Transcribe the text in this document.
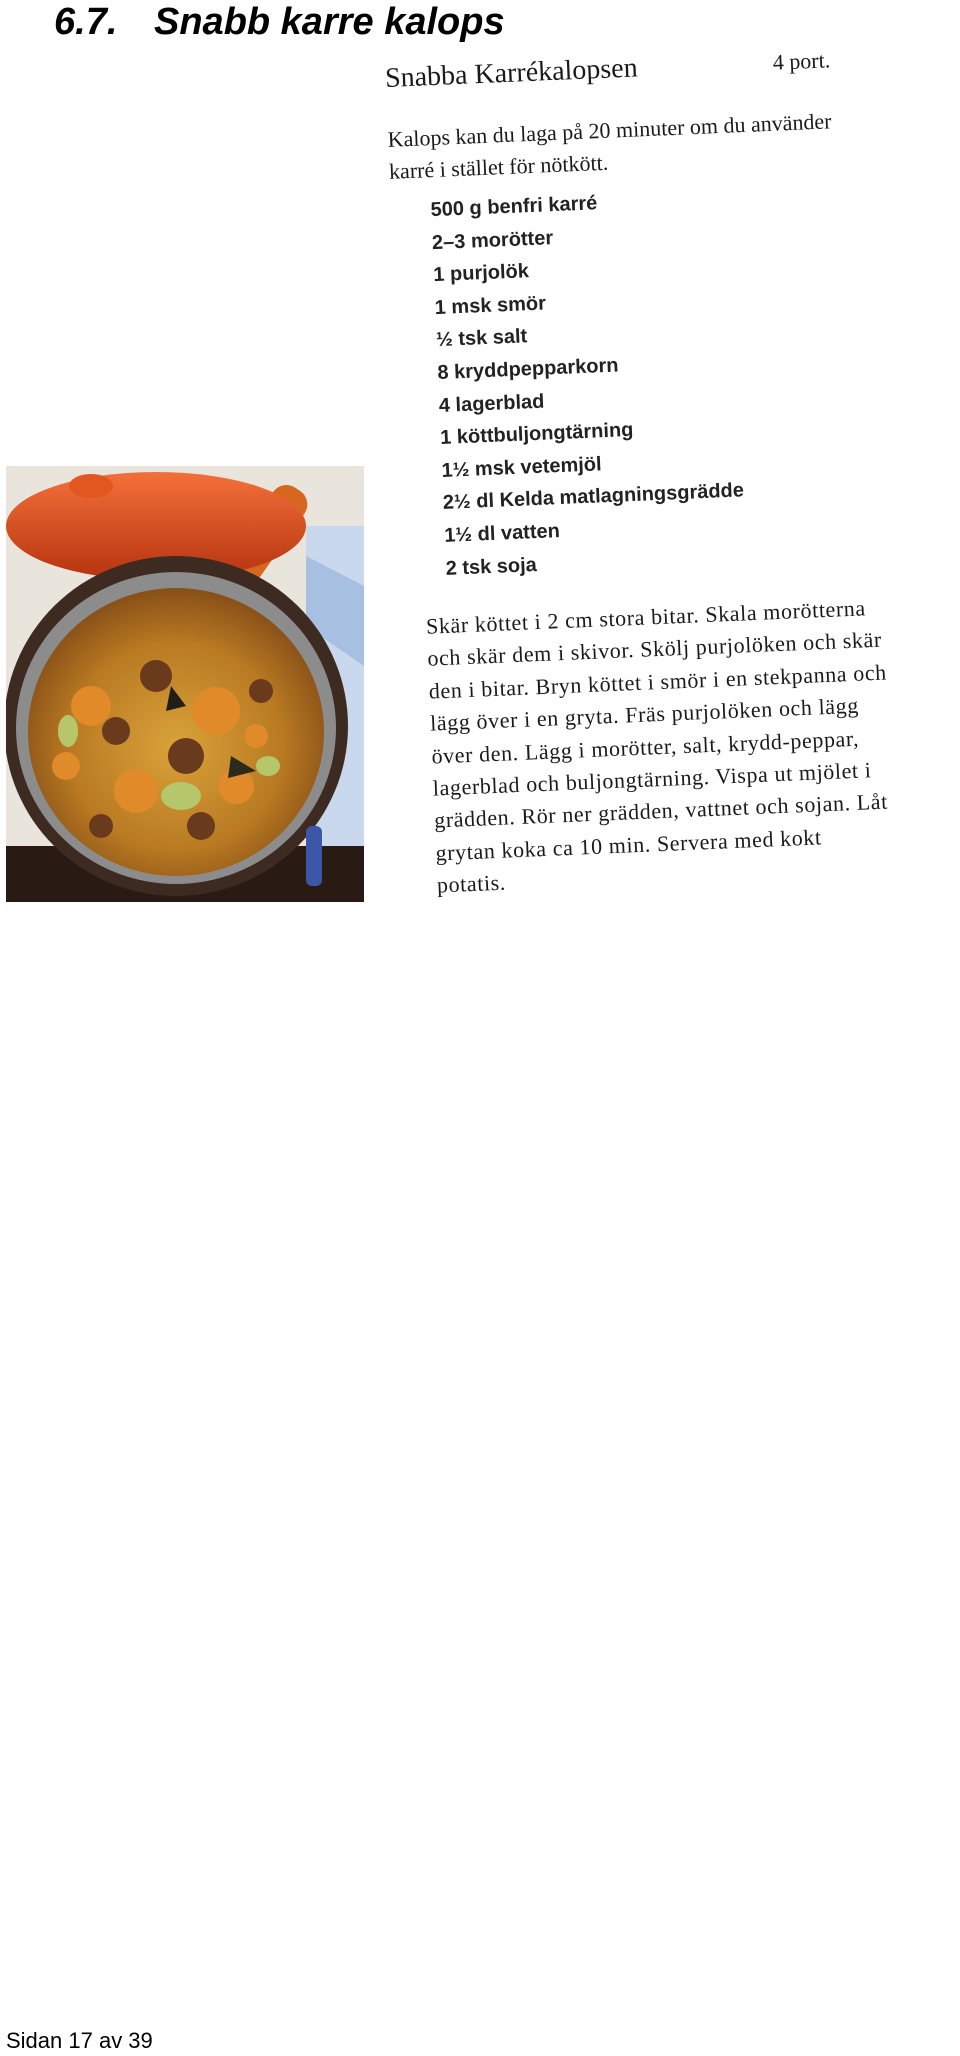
6.7. Snabb karre kalops
Snabba Karrékalopsen	4 port.

Kalops kan du laga på 20 minuter om du använder karré i stället för nötkött.

500 g benfri karré
2–3 morötter
1 purjolök
1 msk smör
½ tsk salt
8 kryddpepparkorn
4 lagerblad
1 köttbuljongtärning
1½ msk vetemjöl
2½ dl Kelda matlagningsgrädde
1½ dl vatten
2 tsk soja

Skär köttet i 2 cm stora bitar. Skala morötterna och skär dem i skivor. Skölj purjolöken och skär den i bitar. Bryn köttet i smör i en stekpanna och lägg över i en gryta. Fräs purjolöken och lägg över den. Lägg i morötter, salt, krydd-peppar, lagerblad och buljongtärning. Vispa ut mjölet i grädden. Rör ner grädden, vattnet och sojan. Låt grytan koka ca 10 min. Servera med kokt potatis.

Sidan 17 av 39
